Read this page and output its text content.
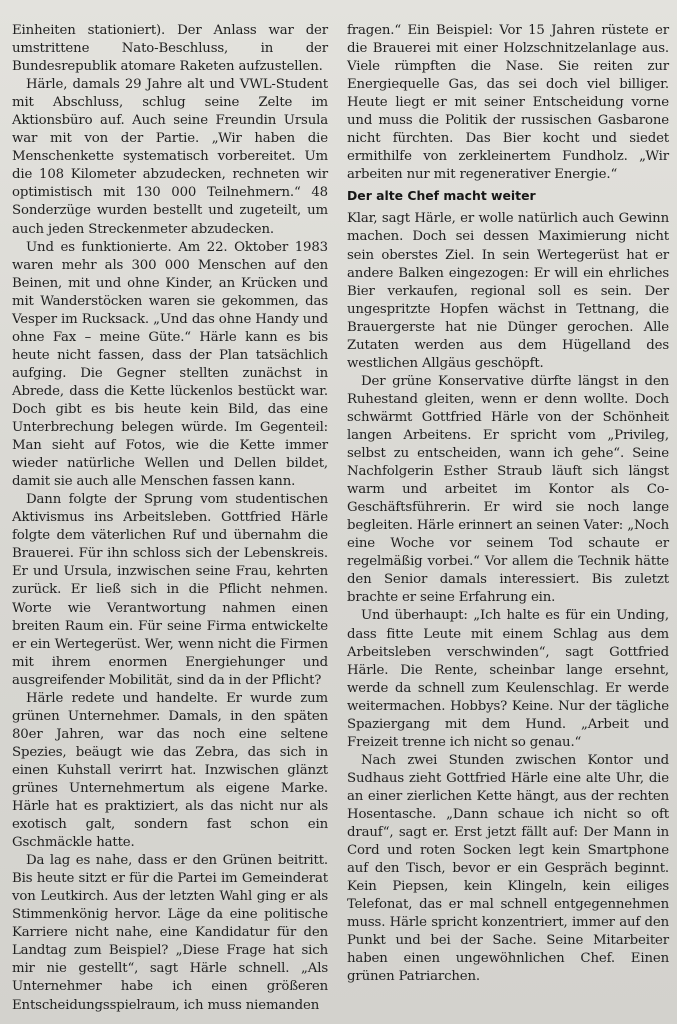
Einheiten stationiert). Der Anlass war der umstrittene Nato-Beschluss, in der Bundesrepublik atomare Raketen aufzustellen.

Härle, damals 29 Jahre alt und VWL-Student mit Abschluss, schlug seine Zelte im Aktionsbüro auf. Auch seine Freundin Ursula war mit von der Partie. „Wir haben die Menschenkette systematisch vorbereitet. Um die 108 Kilometer abzudecken, rechneten wir optimistisch mit 130 000 Teilnehmern.“ 48 Sonderzüge wurden bestellt und zugeteilt, um auch jeden Streckenmeter abzudecken.

Und es funktionierte. Am 22. Oktober 1983 waren mehr als 300 000 Menschen auf den Beinen, mit und ohne Kinder, an Krücken und mit Wanderstöcken waren sie gekommen, das Vesper im Rucksack. „Und das ohne Handy und ohne Fax – meine Güte.“ Härle kann es bis heute nicht fassen, dass der Plan tatsächlich aufging. Die Gegner stellten zunächst in Abrede, dass die Kette lückenlos bestückt war. Doch gibt es bis heute kein Bild, das eine Unterbrechung belegen würde. Im Gegenteil: Man sieht auf Fotos, wie die Kette immer wieder natürliche Wellen und Dellen bildet, damit sie auch alle Menschen fassen kann.

Dann folgte der Sprung vom studentischen Aktivismus ins Arbeitsleben. Gottfried Härle folgte dem väterlichen Ruf und übernahm die Brauerei. Für ihn schloss sich der Lebenskreis. Er und Ursula, inzwischen seine Frau, kehrten zurück. Er ließ sich in die Pflicht nehmen. Worte wie Verantwortung nahmen einen breiten Raum ein. Für seine Firma entwickelte er ein Wertegerüst. Wer, wenn nicht die Firmen mit ihrem enormen Energiehunger und ausgreifender Mobilität, sind da in der Pflicht?

Härle redete und handelte. Er wurde zum grünen Unternehmer. Damals, in den späten 80er Jahren, war das noch eine seltene Spezies, beäugt wie das Zebra, das sich in einen Kuhstall verirrt hat. Inzwischen glänzt grünes Unternehmertum als eigene Marke. Härle hat es praktiziert, als das nicht nur als exotisch galt, sondern fast schon ein Gschmäckle hatte.

Da lag es nahe, dass er den Grünen beitritt. Bis heute sitzt er für die Partei im Gemeinderat von Leutkirch. Aus der letzten Wahl ging er als Stimmenkönig hervor. Läge da eine politische Karriere nicht nahe, eine Kandidatur für den Landtag zum Beispiel? „Diese Frage hat sich mir nie gestellt“, sagt Härle schnell. „Als Unternehmer habe ich einen größeren Entscheidungsspielraum, ich muss niemanden

fragen.“ Ein Beispiel: Vor 15 Jahren rüstete er die Brauerei mit einer Holzschnitzelanlage aus. Viele rümpften die Nase. Sie reiten zur Energiequelle Gas, das sei doch viel billiger. Heute liegt er mit seiner Entscheidung vorne und muss die Politik der russischen Gasbarone nicht fürchten. Das Bier kocht und siedet ermithilfe von zerkleinertem Fundholz. „Wir arbeiten nur mit regenerativer Energie.“

Der alte Chef macht weiter

Klar, sagt Härle, er wolle natürlich auch Gewinn machen. Doch sei dessen Maximierung nicht sein oberstes Ziel. In sein Wertegerüst hat er andere Balken eingezogen: Er will ein ehrliches Bier verkaufen, regional soll es sein. Der ungespritzte Hopfen wächst in Tettnang, die Brauergerste hat nie Dünger gerochen. Alle Zutaten werden aus dem Hügelland des westlichen Allgäus geschöpft.

Der grüne Konservative dürfte längst in den Ruhestand gleiten, wenn er denn wollte. Doch schwärmt Gottfried Härle von der Schönheit langen Arbeitens. Er spricht vom „Privileg, selbst zu entscheiden, wann ich gehe“. Seine Nachfolgerin Esther Straub läuft sich längst warm und arbeitet im Kontor als Co-Geschäftsführerin. Er wird sie noch lange begleiten. Härle erinnert an seinen Vater: „Noch eine Woche vor seinem Tod schaute er regelmäßig vorbei.“ Vor allem die Technik hätte den Senior damals interessiert. Bis zuletzt brachte er seine Erfahrung ein.

Und überhaupt: „Ich halte es für ein Unding, dass fitte Leute mit einem Schlag aus dem Arbeitsleben verschwinden“, sagt Gottfried Härle. Die Rente, scheinbar lange ersehnt, werde da schnell zum Keulenschlag. Er werde weitermachen. Hobbys? Keine. Nur der tägliche Spaziergang mit dem Hund. „Arbeit und Freizeit trenne ich nicht so genau.“

Nach zwei Stunden zwischen Kontor und Sudhaus zieht Gottfried Härle eine alte Uhr, die an einer zierlichen Kette hängt, aus der rechten Hosentasche. „Dann schaue ich nicht so oft drauf“, sagt er. Erst jetzt fällt auf: Der Mann in Cord und roten Socken legt kein Smartphone auf den Tisch, bevor er ein Gespräch beginnt. Kein Piepsen, kein Klingeln, kein eiliges Telefonat, das er mal schnell entgegennehmen muss. Härle spricht konzentriert, immer auf den Punkt und bei der Sache. Seine Mitarbeiter haben einen ungewöhnlichen Chef. Einen grünen Patriarchen.
